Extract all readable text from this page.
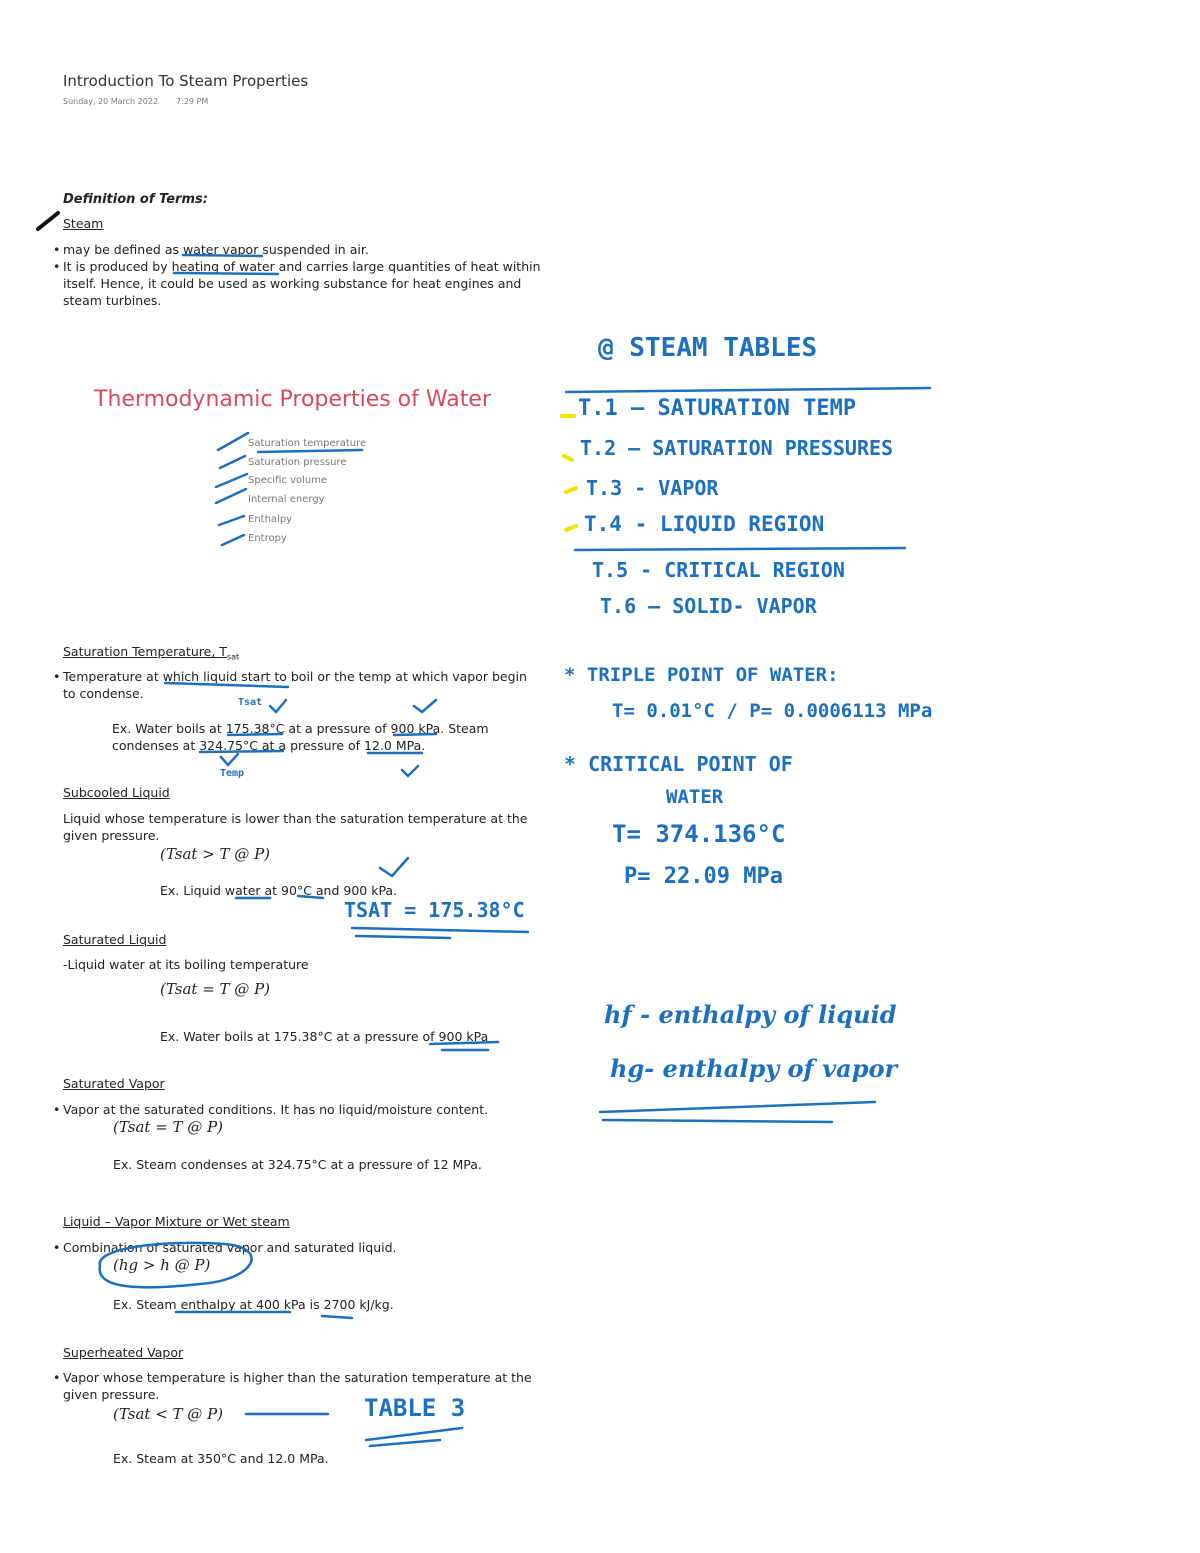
Introduction To Steam Properties
Sunday, 20 March 2022 7:29 PM
Definition of Terms:
Steam
• may be defined as water vapor suspended in air.
• It is produced by heating of water and carries large quantities of heat within
itself. Hence, it could be used as working substance for heat engines and
steam turbines.
Thermodynamic Properties of Water
Saturation temperature
Saturation pressure
Specific volume
Internal energy
Enthalpy
Entropy
Saturation Temperature, $T_{sat}$
• Temperature at which liquid start to boil or the temp at which vapor begin
to condense.
Ex. Water boils at 175.38°C at a pressure of 900 kPa. Steam
condenses at 324.75°C at a pressure of 12.0 MPa.
Subcooled Liquid
Liquid whose temperature is lower than the saturation temperature at the
given pressure.
(Tsat > T @ P)
Ex. Liquid water at 90°C and 900 kPa.
Saturated Liquid
-Liquid water at its boiling temperature
(Tsat = T @ P)
Ex. Water boils at 175.38°C at a pressure of 900 kPa
Saturated Vapor
• Vapor at the saturated conditions. It has no liquid/moisture content.
(Tsat = T @ P)
Ex. Steam condenses at 324.75°C at a pressure of 12 MPa.
Liquid – Vapor Mixture or Wet steam
• Combination of saturated vapor and saturated liquid.
(hg > h @ P)
Ex. Steam enthalpy at 400 kPa is 2700 kJ/kg.
Superheated Vapor
• Vapor whose temperature is higher than the saturation temperature at the
given pressure.
(Tsat < T @ P)
Ex. Steam at 350°C and 12.0 MPa.
@ STEAM TABLES
T.1 — SATURATION TEMP
T.2 — SATURATION PRESSURES
T.3 - VAPOR
T.4 - LIQUID REGION
T.5 - CRITICAL REGION
T.6 — SOLID- VAPOR
* TRIPLE POINT OF WATER:
T= 0.01°C / P= 0.0006113 MPa
* CRITICAL POINT OF
WATER
T= 374.136°C
P= 22.09 MPa
hf - enthalpy of liquid
hg- enthalpy of vapor
TSAT = 175.38°C
Tsat
Temp
TABLE 3
